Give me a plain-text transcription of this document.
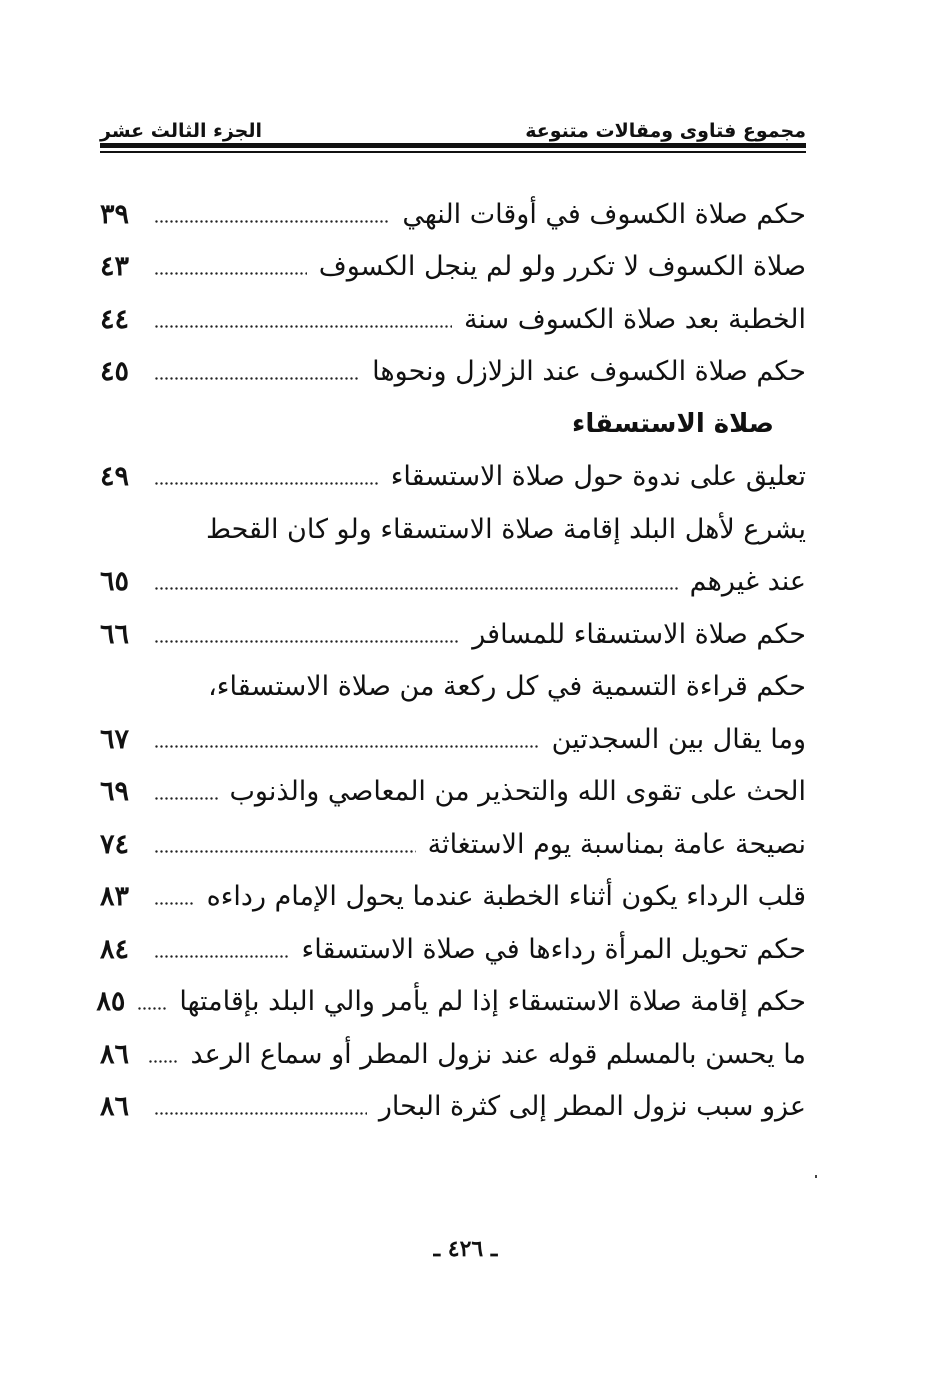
مجموع فتاوى ومقالات متنوعة
الجزء الثالث عشر
حكم صلاة الكسوف في أوقات النهي
٣٩
صلاة الكسوف لا تكرر ولو لم ينجل الكسوف
٤٣
الخطبة بعد صلاة الكسوف سنة
٤٤
حكم صلاة الكسوف عند الزلازل ونحوها
٤٥
صلاة الاستسقاء
تعليق على ندوة حول صلاة الاستسقاء
٤٩
يشرع لأهل البلد إقامة صلاة الاستسقاء ولو كان القحط
عند غيرهم
٦٥
حكم صلاة الاستسقاء للمسافر
٦٦
حكم قراءة التسمية في كل ركعة من صلاة الاستسقاء،
وما يقال بين السجدتين
٦٧
الحث على تقوى الله والتحذير من المعاصي والذنوب
٦٩
نصيحة عامة بمناسبة يوم الاستغاثة
٧٤
قلب الرداء يكون أثناء الخطبة عندما يحول الإمام رداءه
٨٣
حكم تحويل المرأة رداءها في صلاة الاستسقاء
٨٤
حكم إقامة صلاة الاستسقاء إذا لم يأمر والي البلد بإقامتها
٨٥
ما يحسن بالمسلم قوله عند نزول المطر أو سماع الرعد
٨٦
عزو سبب نزول المطر إلى كثرة البحار
٨٦
ـ ٤٢٦ ـ
